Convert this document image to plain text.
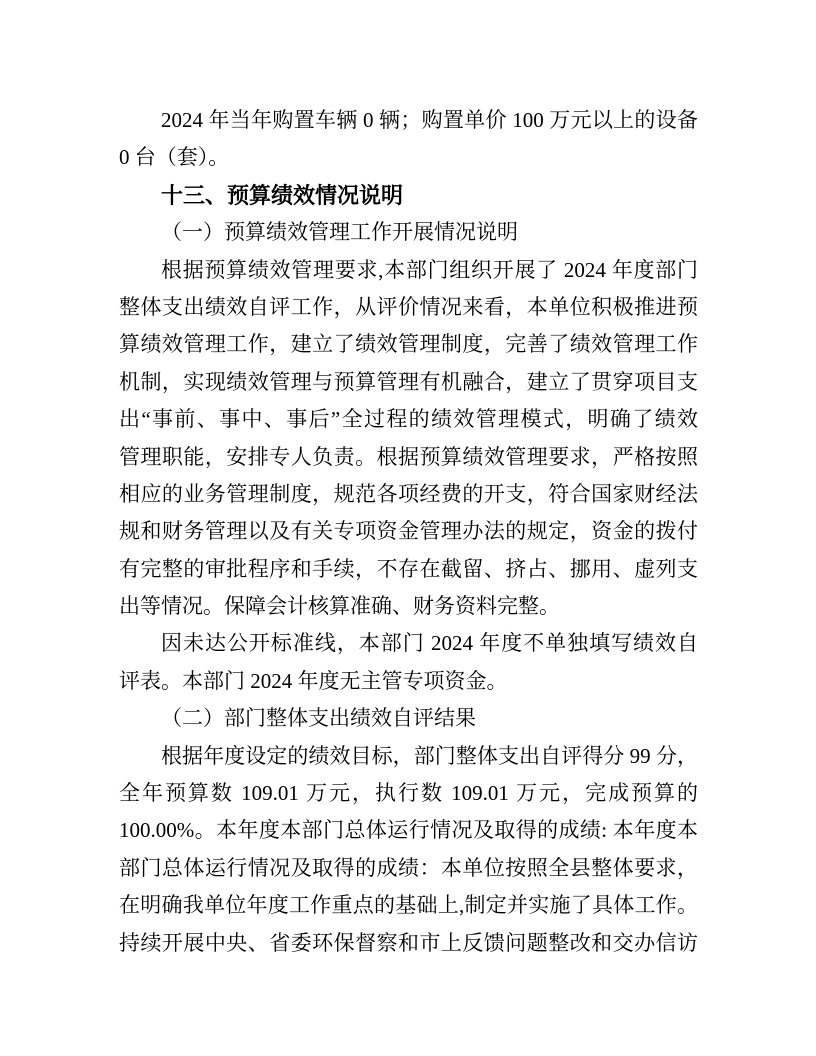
2024 年当年购置车辆 0 辆；购置单价 100 万元以上的设备
0 台（套）。
十三、预算绩效情况说明
（一）预算绩效管理工作开展情况说明
根据预算绩效管理要求,本部门组织开展了 2024 年度部门
整体支出绩效自评工作，从评价情况来看，本单位积极推进预
算绩效管理工作，建立了绩效管理制度，完善了绩效管理工作
机制，实现绩效管理与预算管理有机融合，建立了贯穿项目支
出“事前、事中、事后”全过程的绩效管理模式，明确了绩效
管理职能，安排专人负责。根据预算绩效管理要求，严格按照
相应的业务管理制度，规范各项经费的开支，符合国家财经法
规和财务管理以及有关专项资金管理办法的规定，资金的拨付
有完整的审批程序和手续，不存在截留、挤占、挪用、虚列支
出等情况。保障会计核算准确、财务资料完整。
因未达公开标准线，本部门 2024 年度不单独填写绩效自
评表。本部门 2024 年度无主管专项资金。
（二）部门整体支出绩效自评结果
根据年度设定的绩效目标，部门整体支出自评得分 99 分，
全年预算数 109.01 万元，执行数 109.01 万元，完成预算的
100.00%。本年度本部门总体运行情况及取得的成绩: 本年度本
部门总体运行情况及取得的成绩：本单位按照全县整体要求，
在明确我单位年度工作重点的基础上,制定并实施了具体工作。
持续开展中央、省委环保督察和市上反馈问题整改和交办信访
